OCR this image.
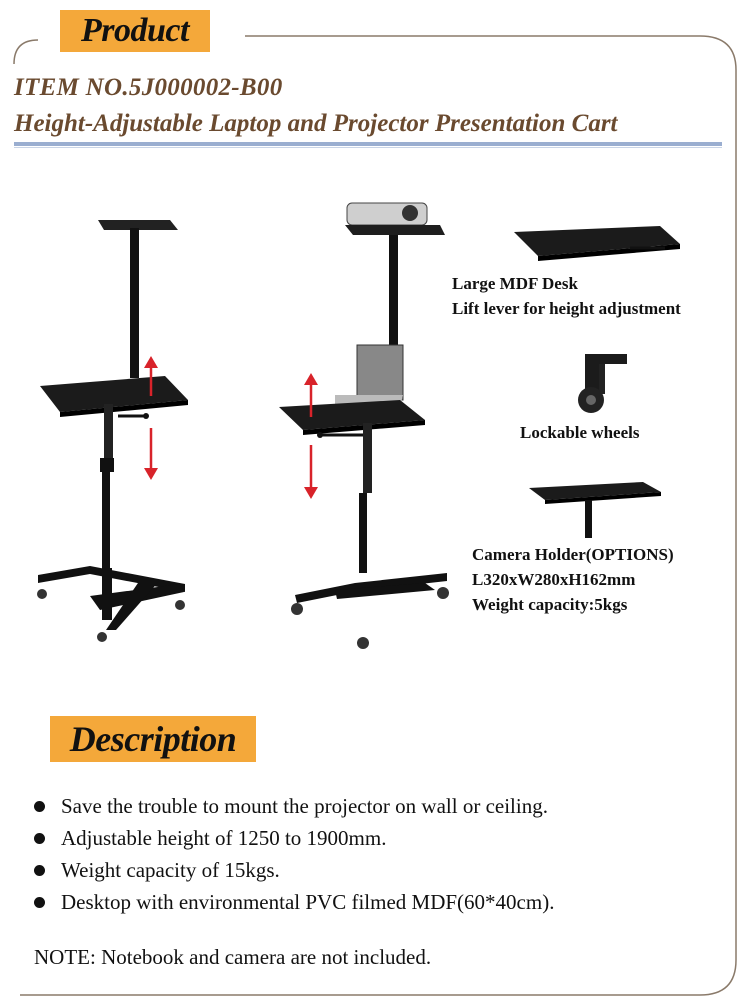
Product
ITEM NO.5J000002-B00
Height-Adjustable Laptop and Projector Presentation Cart
Large MDF Desk
Lift lever for height adjustment
Lockable wheels
Camera Holder(OPTIONS)
L320xW280xH162mm
Weight capacity:5kgs
Description
Save the trouble to mount the projector on wall or ceiling.
Adjustable height of 1250 to 1900mm.
Weight capacity of 15kgs.
Desktop with environmental PVC filmed MDF(60*40cm).
NOTE: Notebook and camera are not included.
